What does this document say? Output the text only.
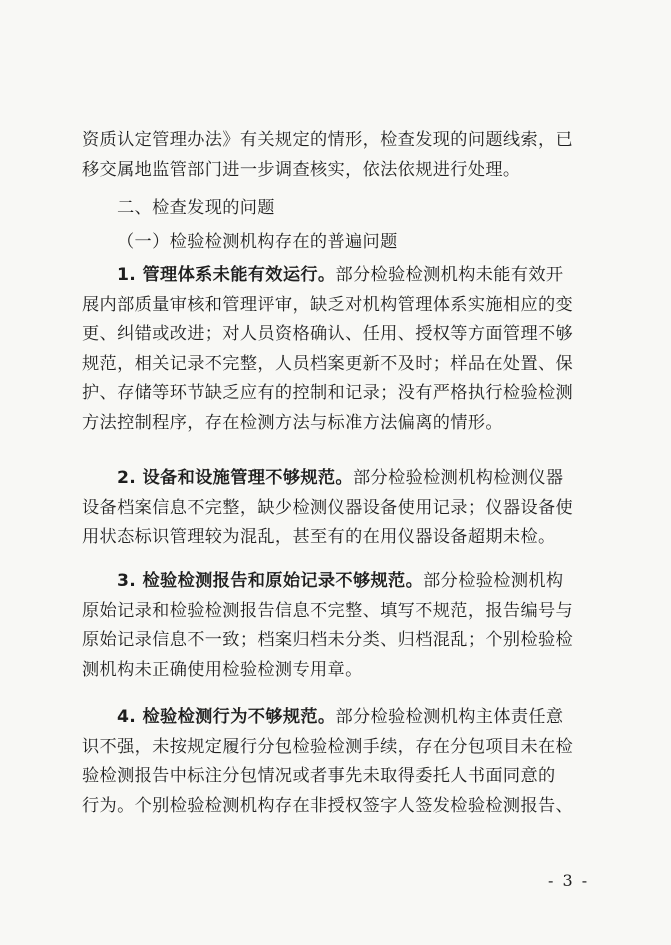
资质认定管理办法》有关规定的情形，检查发现的问题线索，已
移交属地监管部门进一步调查核实，依法依规进行处理。
二、检查发现的问题
（一）检验检测机构存在的普遍问题
1. 管理体系未能有效运行。部分检验检测机构未能有效开
展内部质量审核和管理评审，缺乏对机构管理体系实施相应的变
更、纠错或改进；对人员资格确认、任用、授权等方面管理不够
规范，相关记录不完整，人员档案更新不及时；样品在处置、保
护、存储等环节缺乏应有的控制和记录；没有严格执行检验检测
方法控制程序，存在检测方法与标准方法偏离的情形。
2. 设备和设施管理不够规范。部分检验检测机构检测仪器
设备档案信息不完整，缺少检测仪器设备使用记录；仪器设备使
用状态标识管理较为混乱，甚至有的在用仪器设备超期未检。
3. 检验检测报告和原始记录不够规范。部分检验检测机构
原始记录和检验检测报告信息不完整、填写不规范，报告编号与
原始记录信息不一致；档案归档未分类、归档混乱；个别检验检
测机构未正确使用检验检测专用章。
4. 检验检测行为不够规范。部分检验检测机构主体责任意
识不强，未按规定履行分包检验检测手续，存在分包项目未在检
验检测报告中标注分包情况或者事先未取得委托人书面同意的
行为。个别检验检测机构存在非授权签字人签发检验检测报告、
- 3 -
